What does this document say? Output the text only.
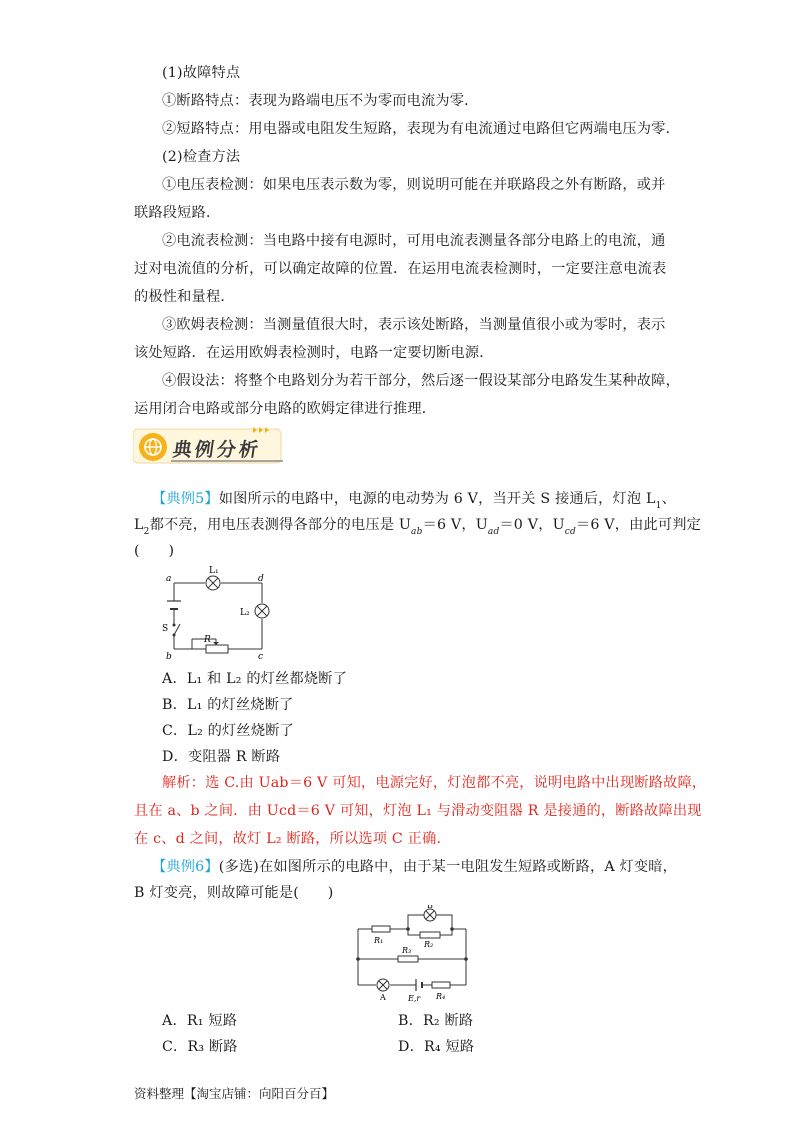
(1)故障特点
①断路特点：表现为路端电压不为零而电流为零．
②短路特点：用电器或电阻发生短路，表现为有电流通过电路但它两端电压为零．
(2)检查方法
①电压表检测：如果电压表示数为零，则说明可能在并联路段之外有断路，或并
联路段短路．
②电流表检测：当电路中接有电源时，可用电流表测量各部分电路上的电流，通
过对电流值的分析，可以确定故障的位置．在运用电流表检测时，一定要注意电流表
的极性和量程．
③欧姆表检测：当测量值很大时，表示该处断路，当测量值很小或为零时，表示
该处短路．在运用欧姆表检测时，电路一定要切断电源．
④假设法：将整个电路划分为若干部分，然后逐一假设某部分电路发生某种故障，
运用闭合电路或部分电路的欧姆定律进行推理．
典例分析
【典例5】如图所示的电路中，电源的电动势为 6 V，当开关 S 接通后，灯泡 $L_1$、
$L_2$都不亮，用电压表测得各部分的电压是 $U_{ab}=6$ V，$U_{ad}=0$ V，$U_{cd}=6$ V，由此可判定
(　　)
a	d
b	c
L₁
L₂
S
R
A．L₁ 和 L₂ 的灯丝都烧断了
B．L₁ 的灯丝烧断了
C．L₂ 的灯丝烧断了
D．变阻器 R 断路
解析：选 C.由 Uab＝6 V 可知，电源完好，灯泡都不亮，说明电路中出现断路故障，
且在 a、b 之间．由 Ucd＝6 V 可知，灯泡 L₁ 与滑动变阻器 R 是接通的，断路故障出现
在 c、d 之间，故灯 L₂ 断路，所以选项 C 正确.
【典例6】(多选)在如图所示的电路中，由于某一电阻发生短路或断路，A 灯变暗，
B 灯变亮，则故障可能是(　　)
B
R₁	R₂
R₃
A	E,r R₄
A．R₁ 短路	B．R₂ 断路
C．R₃ 断路	D．R₄ 短路
资料整理【淘宝店铺：向阳百分百】
